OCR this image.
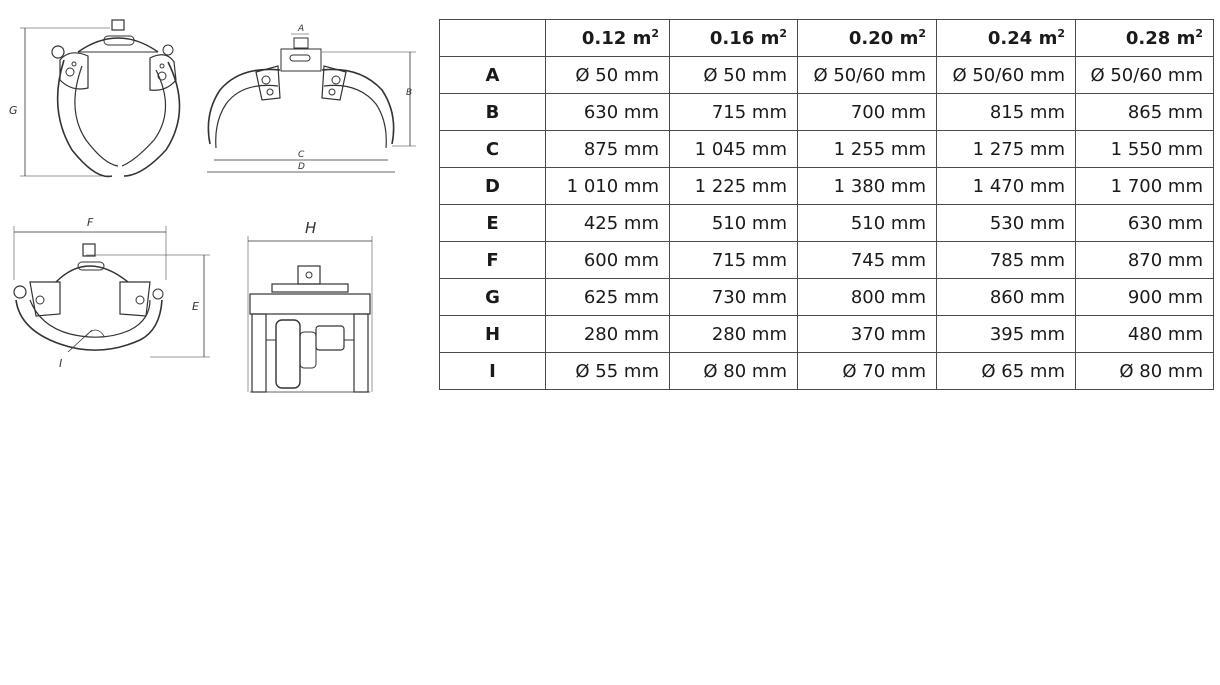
G
A
B
C
D
F
E
I
H
	0.12 $m^2$	0.16 $m^2$	0.20 $m^2$	0.24 $m^2$	0.28 $m^2$
A	Ø 50 mm	Ø 50 mm	Ø 50/60 mm	Ø 50/60 mm	Ø 50/60 mm
B	630 mm	715 mm	700 mm	815 mm	865 mm
C	875 mm	1 045 mm	1 255 mm	1 275 mm	1 550 mm
D	1 010 mm	1 225 mm	1 380 mm	1 470 mm	1 700 mm
E	425 mm	510 mm	510 mm	530 mm	630 mm
F	600 mm	715 mm	745 mm	785 mm	870 mm
G	625 mm	730 mm	800 mm	860 mm	900 mm
H	280 mm	280 mm	370 mm	395 mm	480 mm
I	Ø 55 mm	Ø 80 mm	Ø 70 mm	Ø 65 mm	Ø 80 mm
